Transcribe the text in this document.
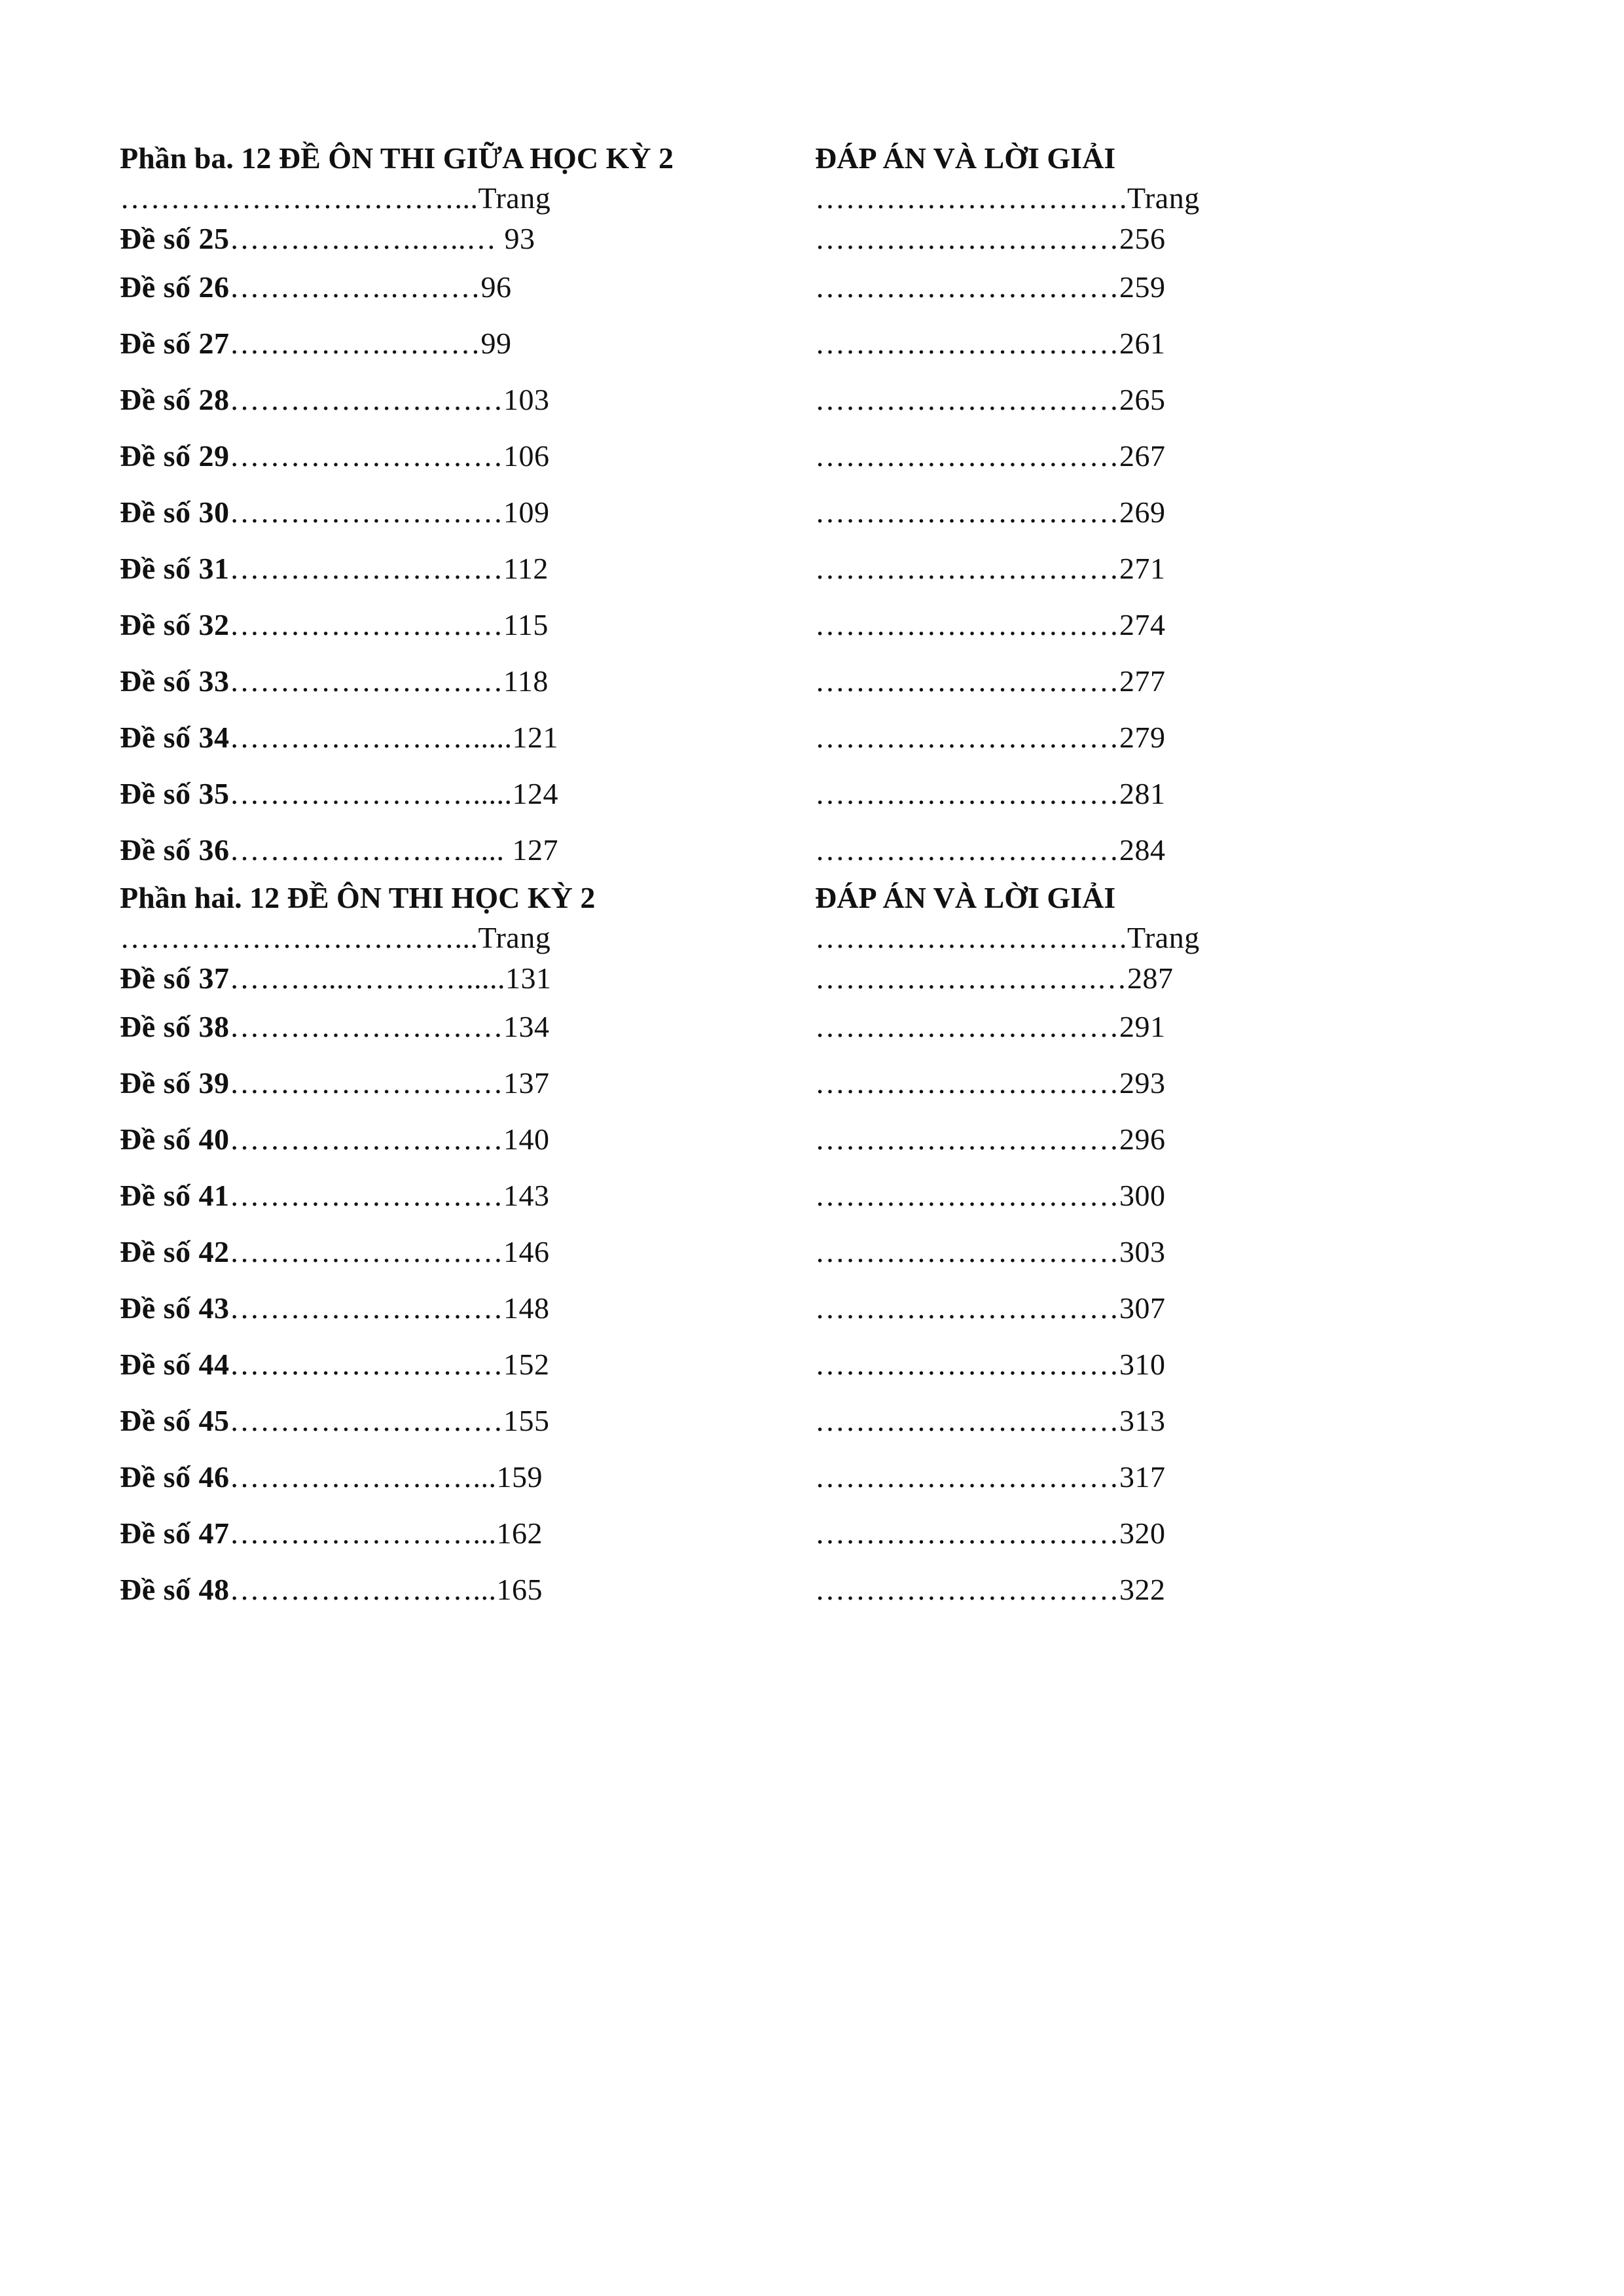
Phần ba. 12 ĐỀ ÔN THI GIỮA HỌC KỲ 2
……………………………...Trang
Đề số 25……………….…..… 93
Đề số 26…………….………96
Đề số 27…………….………99
Đề số 28………………………103
Đề số 29………………………106
Đề số 30………………………109
Đề số 31………………………112
Đề số 32………………………115
Đề số 33………………………118
Đề số 34…………………….....121
Đề số 35…………………….....124
Đề số 36…………………….... 127
Phần hai. 12 ĐỀ ÔN THI HỌC KỲ 2
……………………………...Trang
Đề số 37………...………….....131
Đề số 38………………………134
Đề số 39………………………137
Đề số 40………………………140
Đề số 41………………………143
Đề số 42………………………146
Đề số 43………………………148
Đề số 44………………………152
Đề số 45………………………155
Đề số 46……………………...159
Đề số 47……………………...162
Đề số 48……………………...165
ĐÁP ÁN VÀ LỜI GIẢI
………………………….Trang
…………………………256
…………………………259
…………………………261
…………………………265
…………………………267
…………………………269
…………………………271
…………………………274
…………………………277
…………………………279
…………………………281
…………………………284
ĐÁP ÁN VÀ LỜI GIẢI
………………………….Trang
……………………….…287
…………………………291
…………………………293
…………………………296
…………………………300
…………………………303
…………………………307
…………………………310
…………………………313
…………………………317
…………………………320
…………………………322
